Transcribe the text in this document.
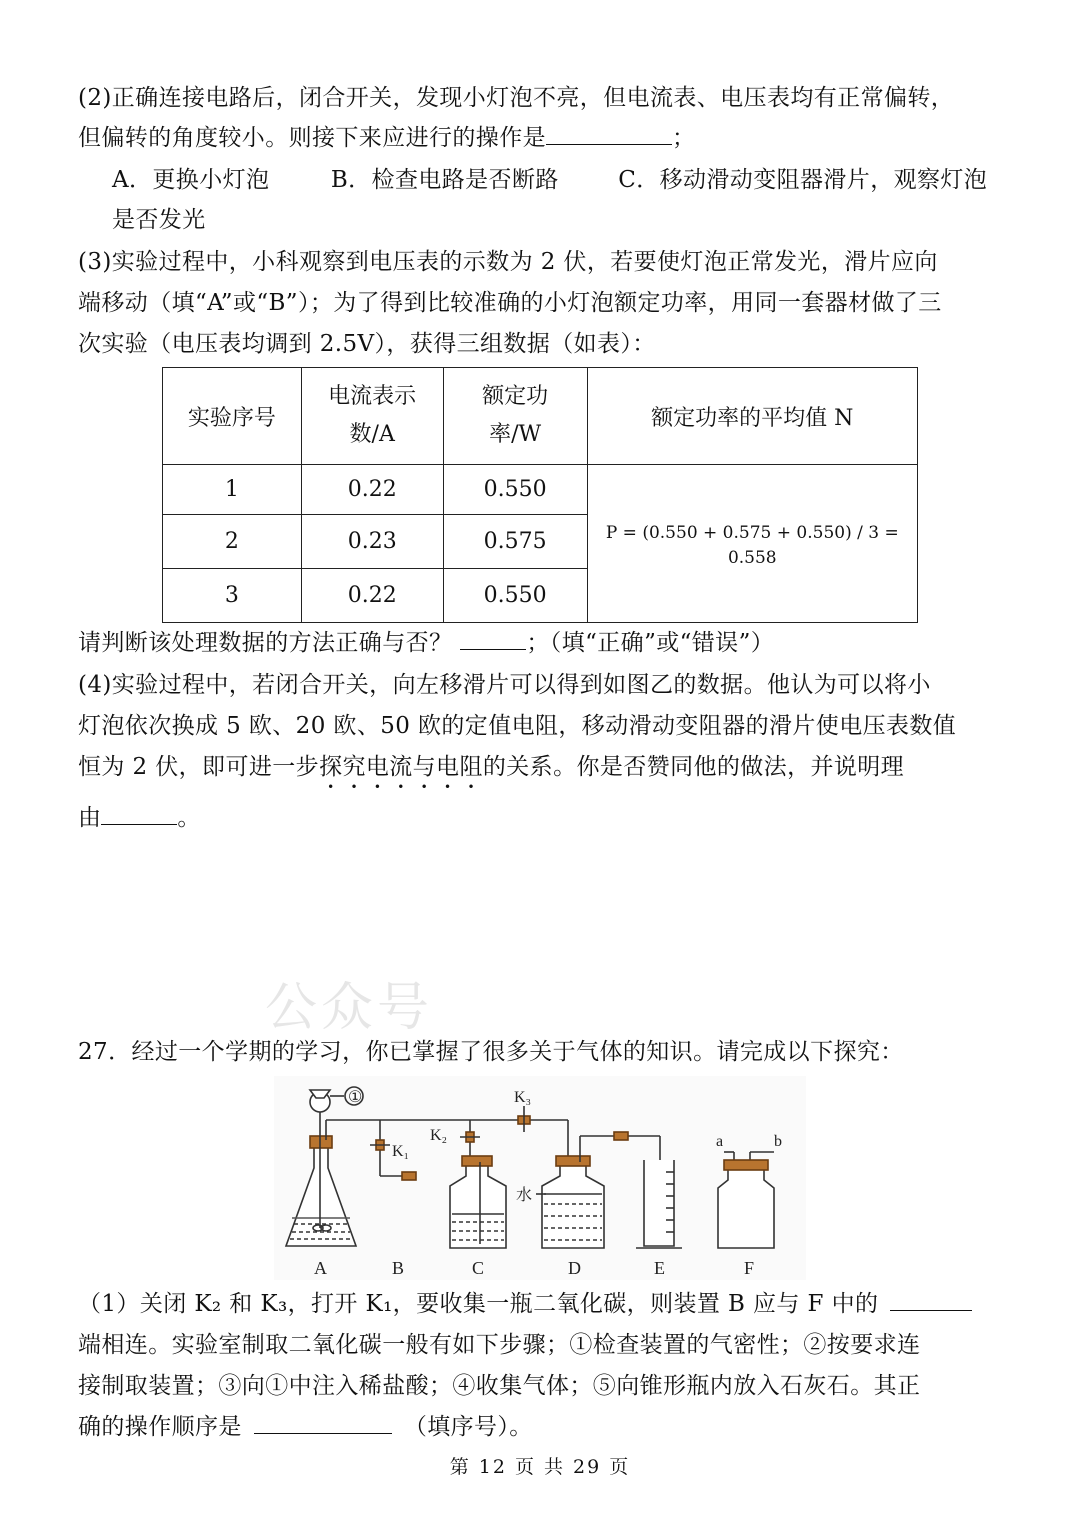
(2)正确连接电路后，闭合开关，发现小灯泡不亮，但电流表、电压表均有正常偏转，
但偏转的角度较小。则接下来应进行的操作是	；
A．更换小灯泡	B．检查电路是否断路	C．移动滑动变阻器滑片，观察灯泡
是否发光
(3)实验过程中，小科观察到电压表的示数为 2 伏，若要使灯泡正常发光，滑片应向
端移动（填“A”或“B”）；为了得到比较准确的小灯泡额定功率，用同一套器材做了三
次实验（电压表均调到 2.5V），获得三组数据（如表）：
实验序号	电流表示数/A	额定功率/W	额定功率的平均值 N
1	0.22	0.550	P = (0.550 + 0.575 + 0.550) / 3 = 0.558
2	0.23	0.575	
3	0.22	0.550	
请判断该处理数据的方法正确与否？	；（填“正确”或“错误”）
(4)实验过程中，若闭合开关，向左移滑片可以得到如图乙的数据。他认为可以将小
灯泡依次换成 5 欧、20 欧、50 欧的定值电阻，移动滑动变阻器的滑片使电压表数值
恒为 2 伏，即可进一步探究电流与电阻的关系。你是否赞同他的做法，并说明理
由	。
公众号
27．经过一个学期的学习，你已掌握了很多关于气体的知识。请完成以下探究：
①
K₁
K₂
K₃
水
a	b
A	B	C	D	E	F
（1）关闭 K₂ 和 K₃，打开 K₁，要收集一瓶二氧化碳，则装置 B 应与 F 中的
端相连。实验室制取二氧化碳一般有如下步骤；①检查装置的气密性；②按要求连
接制取装置；③向①中注入稀盐酸；④收集气体；⑤向锥形瓶内放入石灰石。其正
确的操作顺序是	（填序号）。
第 12 页 共 29 页
